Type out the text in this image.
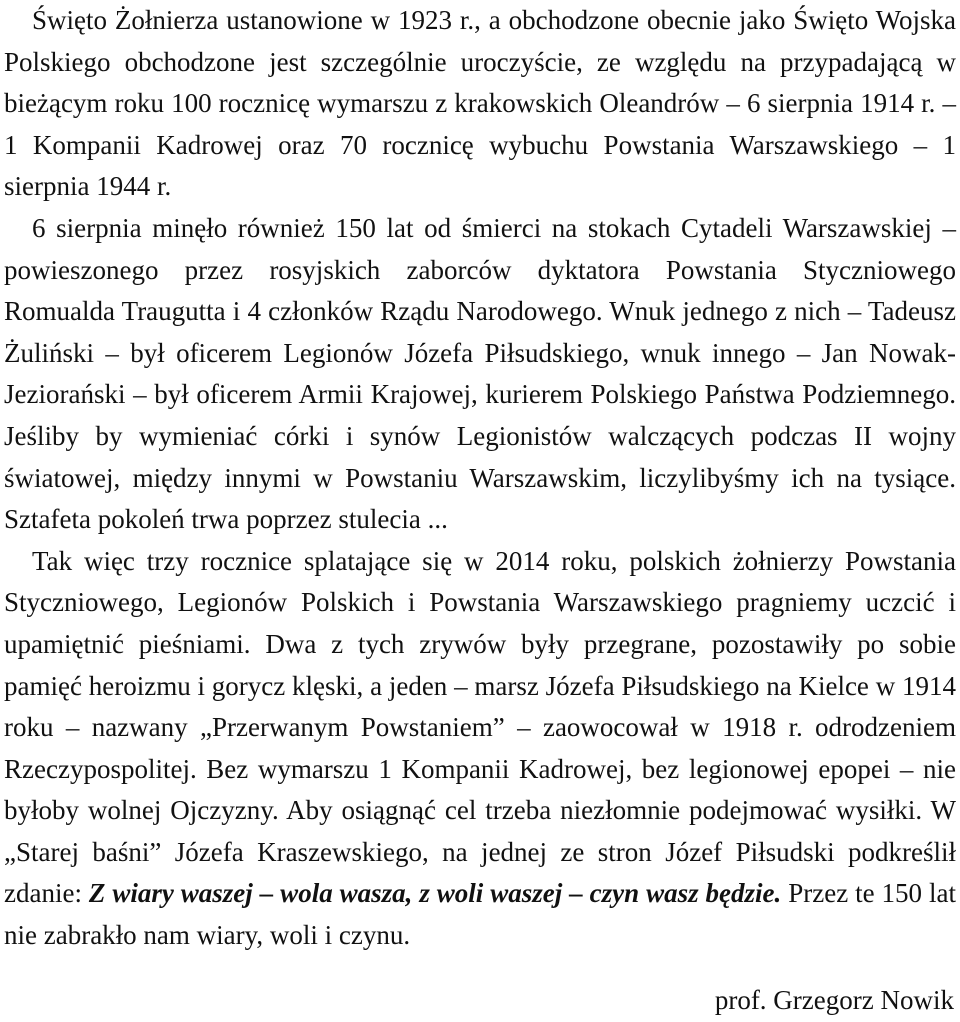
Święto Żołnierza ustanowione w 1923 r., a obchodzone obecnie jako Święto Wojska Polskiego obchodzone jest szczególnie uroczyście, ze względu na przypadającą w bieżącym roku 100 rocznicę wymarszu z krakowskich Oleandrów – 6 sierpnia 1914 r. – 1 Kompanii Kadrowej oraz 70 rocznicę wybuchu Powstania Warszawskiego – 1 sierpnia 1944 r.

6 sierpnia minęło również 150 lat od śmierci na stokach Cytadeli Warszawskiej – powieszonego przez rosyjskich zaborców dyktatora Powstania Styczniowego Romualda Traugutta i 4 członków Rządu Narodowego. Wnuk jednego z nich – Tadeusz Żuliński – był oficerem Legionów Józefa Piłsudskiego, wnuk innego – Jan Nowak-Jeziorański – był oficerem Armii Krajowej, kurierem Polskiego Państwa Podziemnego. Jeśliby by wymieniać córki i synów Legionistów walczących podczas II wojny światowej, między innymi w Powstaniu Warszawskim, liczylibyśmy ich na tysiące. Sztafeta pokoleń trwa poprzez stulecia ...

Tak więc trzy rocznice splatające się w 2014 roku, polskich żołnierzy Powstania Styczniowego, Legionów Polskich i Powstania Warszawskiego pragniemy uczcić i upamiętnić pieśniami. Dwa z tych zrywów były przegrane, pozostawiły po sobie pamięć heroizmu i gorycz klęski, a jeden – marsz Józefa Piłsudskiego na Kielce w 1914 roku – nazwany „Przerwanym Powstaniem” – zaowocował w 1918 r. odrodzeniem Rzeczypospolitej. Bez wymarszu 1 Kompanii Kadrowej, bez legionowej epopei – nie byłoby wolnej Ojczyzny. Aby osiągnąć cel trzeba niezłomnie podejmować wysiłki. W „Starej baśni” Józefa Kraszewskiego, na jednej ze stron Józef Piłsudski podkreślił zdanie: Z wiary waszej – wola wasza, z woli waszej – czyn wasz będzie. Przez te 150 lat nie zabrakło nam wiary, woli i czynu.

prof. Grzegorz Nowik
